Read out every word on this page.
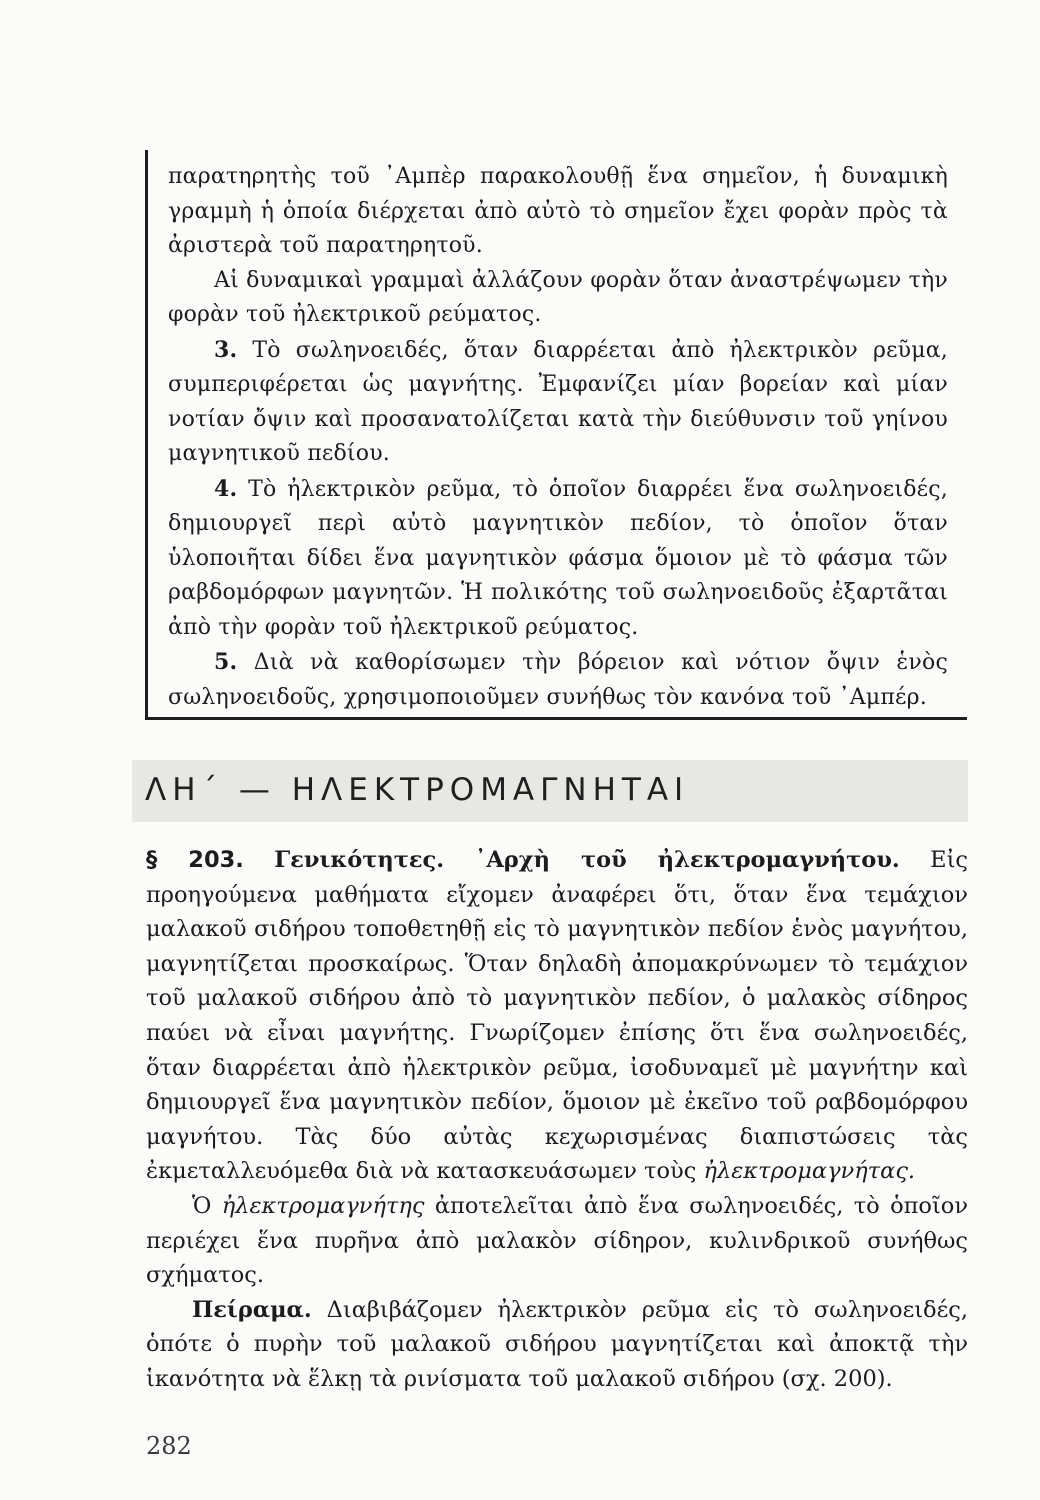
παρατηρητὴς τοῦ ᾿Αμπὲρ παρακολουθῇ ἕνα σημεῖον, ἡ δυναμικὴ γραμμὴ ἡ ὁποία διέρχεται ἀπὸ αὐτὸ τὸ σημεῖον ἔχει φορὰν πρὸς τὰ ἀριστερὰ τοῦ παρατηρητοῦ.

Αἱ δυναμικαὶ γραμμαὶ ἀλλάζουν φορὰν ὅταν ἀναστρέψωμεν τὴν φορὰν τοῦ ἠλεκτρικοῦ ρεύματος.

3. Τὸ σωληνοειδές, ὅταν διαρρέεται ἀπὸ ἠλεκτρικὸν ρεῦμα, συμπεριφέρεται ὡς μαγνήτης. Ἐμφανίζει μίαν βορείαν καὶ μίαν νοτίαν ὄψιν καὶ προσανατολίζεται κατὰ τὴν διεύθυνσιν τοῦ γηίνου μαγνητικοῦ πεδίου.

4. Τὸ ἠλεκτρικὸν ρεῦμα, τὸ ὁποῖον διαρρέει ἕνα σωληνοειδές, δημιουργεῖ περὶ αὐτὸ μαγνητικὸν πεδίον, τὸ ὁποῖον ὅταν ὑλοποιῆται δίδει ἕνα μαγνητικὸν φάσμα ὅμοιον μὲ τὸ φάσμα τῶν ραβδομόρφων μαγνητῶν. Ἡ πολικότης τοῦ σωληνοειδοῦς ἐξαρτᾶται ἀπὸ τὴν φορὰν τοῦ ἠλεκτρικοῦ ρεύματος.

5. Διὰ νὰ καθορίσωμεν τὴν βόρειον καὶ νότιον ὄψιν ἑνὸς σωληνοειδοῦς, χρησιμοποιοῦμεν συνήθως τὸν κανόνα τοῦ ᾿Αμπέρ.

ΛΗ΄ — ΗΛΕΚΤΡΟΜΑΓΝΗΤΑΙ

§ 203. Γενικότητες. ᾿Αρχὴ τοῦ ἠλεκτρομαγνήτου. Εἰς προηγούμενα μαθήματα εἴχομεν ἀναφέρει ὅτι, ὅταν ἕνα τεμάχιον μαλακοῦ σιδήρου τοποθετηθῇ εἰς τὸ μαγνητικὸν πεδίον ἑνὸς μαγνήτου, μαγνητίζεται προσκαίρως. Ὅταν δηλαδὴ ἀπομακρύνωμεν τὸ τεμάχιον τοῦ μαλακοῦ σιδήρου ἀπὸ τὸ μαγνητικὸν πεδίον, ὁ μαλακὸς σίδηρος παύει νὰ εἶναι μαγνήτης. Γνωρίζομεν ἐπίσης ὅτι ἕνα σωληνοειδές, ὅταν διαρρέεται ἀπὸ ἠλεκτρικὸν ρεῦμα, ἰσοδυναμεῖ μὲ μαγνήτην καὶ δημιουργεῖ ἕνα μαγνητικὸν πεδίον, ὅμοιον μὲ ἐκεῖνο τοῦ ραβδομόρφου μαγνήτου. Τὰς δύο αὐτὰς κεχωρισμένας διαπιστώσεις τὰς ἐκμεταλλευόμεθα διὰ νὰ κατασκευάσωμεν τοὺς ἠλεκτρομαγνήτας.

Ὁ ἠλεκτρομαγνήτης ἀποτελεῖται ἀπὸ ἕνα σωληνοειδές, τὸ ὁποῖον περιέχει ἕνα πυρῆνα ἀπὸ μαλακὸν σίδηρον, κυλινδρικοῦ συνήθως σχήματος.

Πείραμα. Διαβιβάζομεν ἠλεκτρικὸν ρεῦμα εἰς τὸ σωληνοειδές, ὁπότε ὁ πυρὴν τοῦ μαλακοῦ σιδήρου μαγνητίζεται καὶ ἀποκτᾷ τὴν ἱκανότητα νὰ ἕλκῃ τὰ ρινίσματα τοῦ μαλακοῦ σιδήρου (σχ. 200).

282
